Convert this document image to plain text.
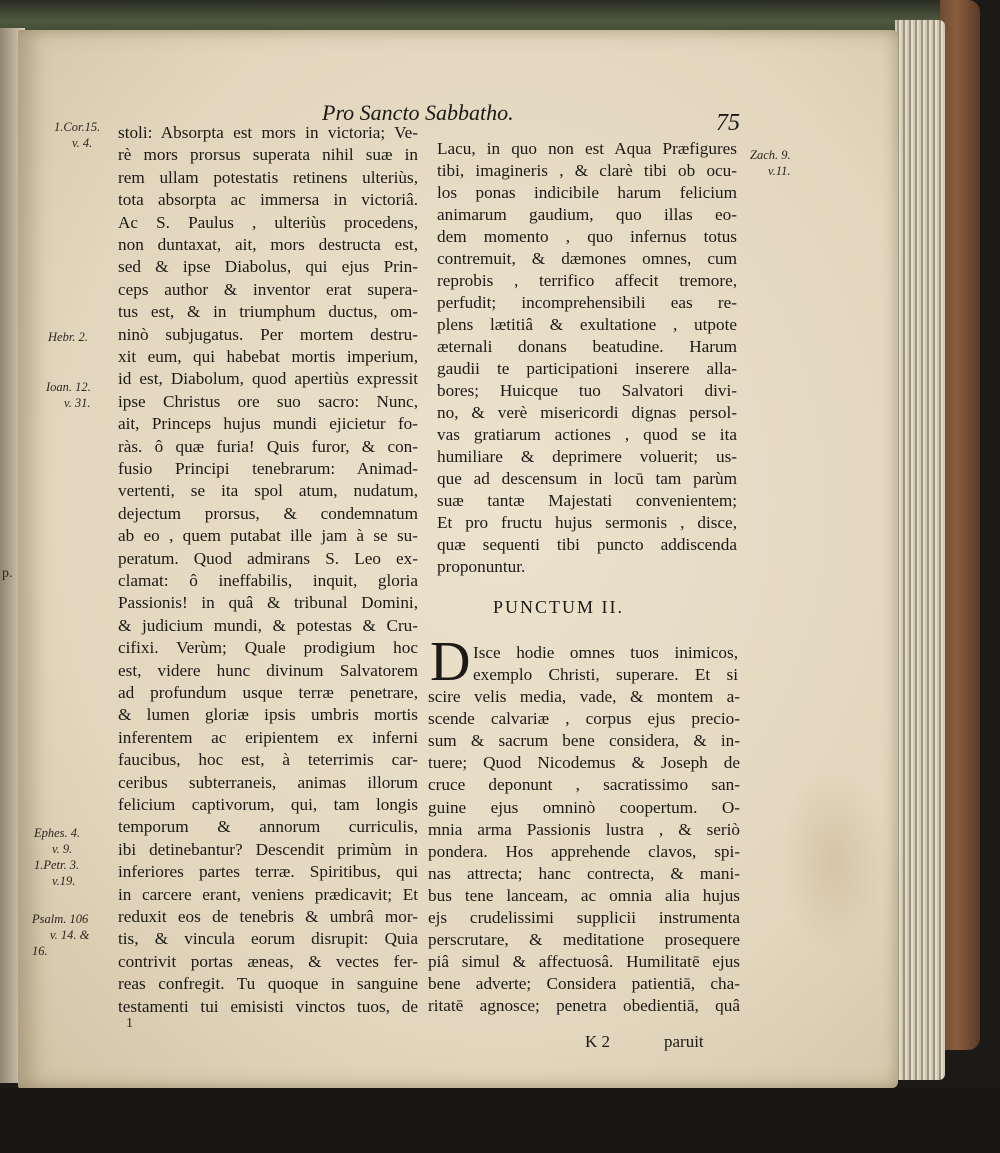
Pro Sancto Sabbatho.	75
stoli: Absorpta est mors in victoria; Ve-
rè mors prorsus superata nihil suæ in
rem ullam potestatis retinens ulteriùs,
tota absorpta ac immersa in victoriâ.
Ac S. Paulus , ulteriùs procedens,
non duntaxat, ait, mors destructa est,
sed & ipse Diabolus, qui ejus Prin-
ceps author & inventor erat supera-
tus est, & in triumphum ductus, om-
ninò subjugatus. Per mortem destru-
xit eum, qui habebat mortis imperium,
id est, Diabolum, quod apertiùs expressit
ipse Christus ore suo sacro: Nunc,
ait, Princeps hujus mundi ejicietur fo-
ràs. ô quæ furia! Quis furor, & con-
fusio Principi tenebrarum: Animad-
vertenti, se ita spol atum, nudatum,
dejectum prorsus, & condemnatum
ab eo , quem putabat ille jam à se su-
peratum. Quod admirans S. Leo ex-
clamat: ô ineffabilis, inquit, gloria
Passionis! in quâ & tribunal Domini,
& judicium mundi, & potestas & Cru-
cifixi. Verùm; Quale prodigium hoc
est, videre hunc divinum Salvatorem
ad profundum usque terræ penetrare,
& lumen gloriæ ipsis umbris mortis
inferentem ac eripientem ex inferni
faucibus, hoc est, à teterrimis car-
ceribus subterraneis, animas illorum
felicium captivorum, qui, tam longis
temporum & annorum curriculis,
ibi detinebantur? Descendit primùm in
inferiores partes terræ. Spiritibus, qui
in carcere erant, veniens prædicavit; Et
reduxit eos de tenebris & umbrâ mor-
tis, & vincula eorum disrupit: Quia
contrivit portas æneas, & vectes fer-
reas confregit. Tu quoque in sanguine
testamenti tui emisisti vinctos tuos, de
Lacu, in quo non est Aqua Præfigures
tibi, imagineris , & clarè tibi ob ocu-
los ponas indicibile harum felicium
animarum gaudium, quo illas eo-
dem momento , quo infernus totus
contremuit, & dæmones omnes, cum
reprobis , terrifico affecit tremore,
perfudit; incomprehensibili eas re-
plens lætitiâ & exultatione , utpote
æternali donans beatudine. Harum
gaudii te participationi inserere alla-
bores; Huicque tuo Salvatori divi-
no, & verè misericordi dignas persol-
vas gratiarum actiones , quod se ita
humiliare & deprimere voluerit; us-
que ad descensum in locū tam parùm
suæ tantæ Majestati convenientem;
Et pro fructu hujus sermonis , disce,
quæ sequenti tibi puncto addiscenda
proponuntur.
PUNCTUM II.
D Isce hodie omnes tuos inimicos,
exemplo Christi, superare. Et si
scire velis media, vade, & montem a-
scende calvariæ , corpus ejus precio-
sum & sacrum bene considera, & in-
tuere; Quod Nicodemus & Joseph de
cruce deponunt , sacratissimo san-
guine ejus omninò coopertum. O-
mnia arma Passionis lustra , & seriò
pondera. Hos apprehende clavos, spi-
nas attrecta; hanc contrecta, & mani-
bus tene lanceam, ac omnia alia hujus
ejs crudelissimi supplicii instrumenta
perscrutare, & meditatione prosequere
piâ simul & affectuosâ. Humilitatē ejus
bene adverte; Considera patientiā, cha-
ritatē agnosce; penetra obedientiā, quâ
K 2	paruit
1.Cor.15.
v. 4.
Hebr. 2.
Ioan. 12.
v. 31.
Ephes. 4.
v. 9.
1.Petr. 3.
v.19.
Psalm. 106
v. 14. &
16.
Zach. 9.
v.11.
p.
1
